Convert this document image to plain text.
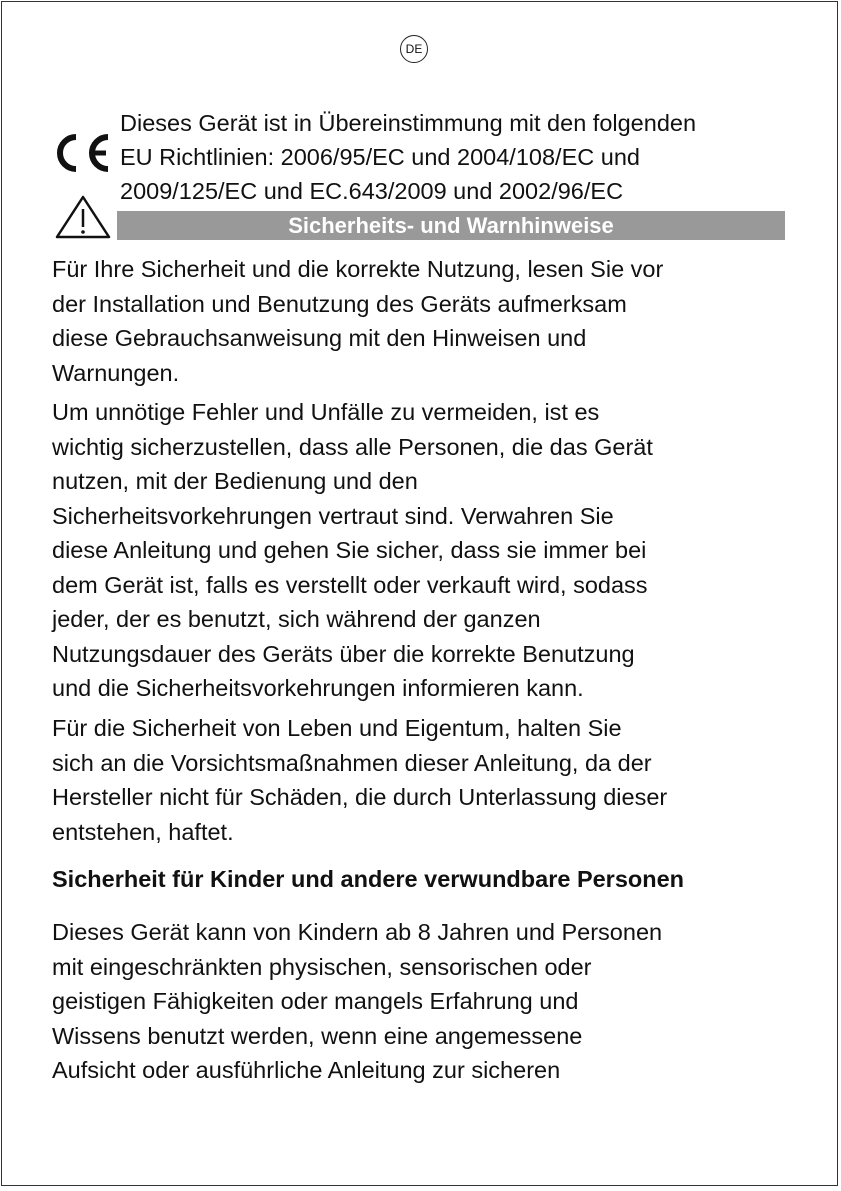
DE

Dieses Gerät ist in Übereinstimmung mit den folgenden
EU Richtlinien: 2006/95/EC und 2004/108/EC und
2009/125/EC und EC.643/2009 und 2002/96/EC

Sicherheits- und Warnhinweise

Für Ihre Sicherheit und die korrekte Nutzung, lesen Sie vor
der Installation und Benutzung des Geräts aufmerksam
diese Gebrauchsanweisung mit den Hinweisen und
Warnungen.

Um unnötige Fehler und Unfälle zu vermeiden, ist es
wichtig sicherzustellen, dass alle Personen, die das Gerät
nutzen, mit der Bedienung und den
Sicherheitsvorkehrungen vertraut sind. Verwahren Sie
diese Anleitung und gehen Sie sicher, dass sie immer bei
dem Gerät ist, falls es verstellt oder verkauft wird, sodass
jeder, der es benutzt, sich während der ganzen
Nutzungsdauer des Geräts über die korrekte Benutzung
und die Sicherheitsvorkehrungen informieren kann.

Für die Sicherheit von Leben und Eigentum, halten Sie
sich an die Vorsichtsmaßnahmen dieser Anleitung, da der
Hersteller nicht für Schäden, die durch Unterlassung dieser
entstehen, haftet.

Sicherheit für Kinder und andere verwundbare Personen

Dieses Gerät kann von Kindern ab 8 Jahren und Personen
mit eingeschränkten physischen, sensorischen oder
geistigen Fähigkeiten oder mangels Erfahrung und
Wissens benutzt werden, wenn eine angemessene
Aufsicht oder ausführliche Anleitung zur sicheren
